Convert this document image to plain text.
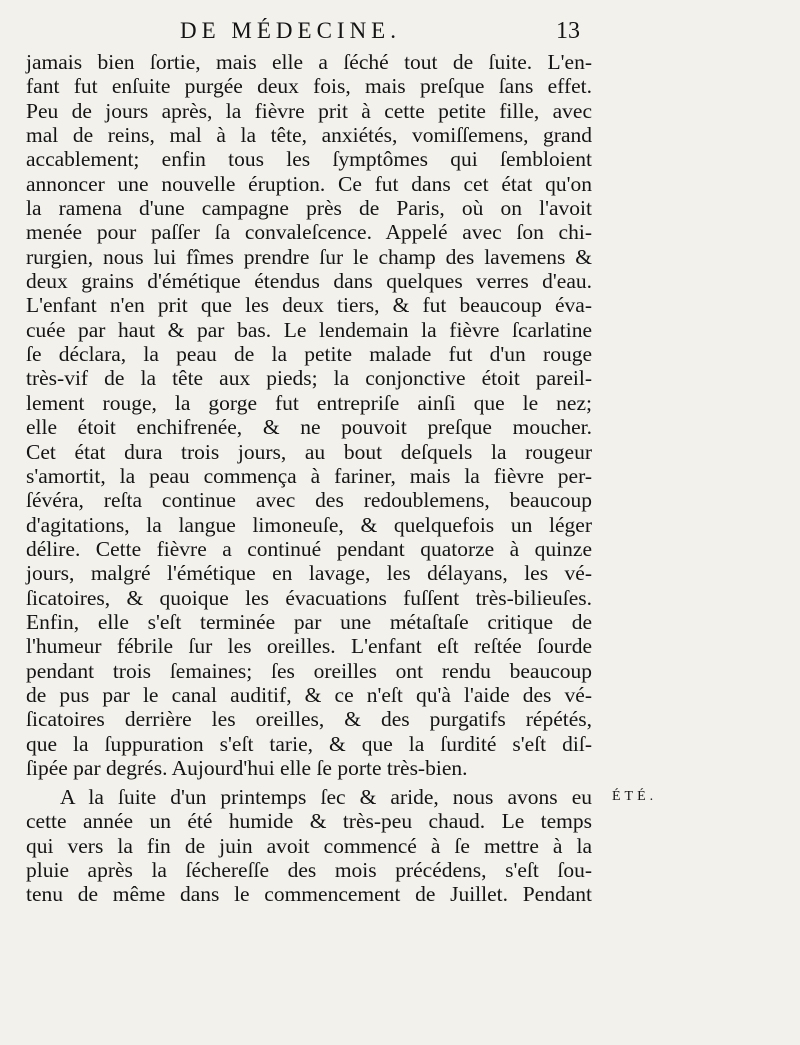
DE MÉDECINE.	13
jamais bien ſortie, mais elle a ſéché tout de ſuite. L'en-
fant fut enſuite purgée deux fois, mais preſque ſans effet.
Peu de jours après, la fièvre prit à cette petite fille, avec
mal de reins, mal à la tête, anxiétés, vomiſſemens, grand
accablement; enfin tous les ſymptômes qui ſembloient
annoncer une nouvelle éruption. Ce fut dans cet état qu'on
la ramena d'une campagne près de Paris, où on l'avoit
menée pour paſſer ſa convaleſcence. Appelé avec ſon chi-
rurgien, nous lui fîmes prendre ſur le champ des lavemens &
deux grains d'émétique étendus dans quelques verres d'eau.
L'enfant n'en prit que les deux tiers, & fut beaucoup éva-
cuée par haut & par bas. Le lendemain la fièvre ſcarlatine
ſe déclara, la peau de la petite malade fut d'un rouge
très-vif de la tête aux pieds; la conjonctive étoit pareil-
lement rouge, la gorge fut entrepriſe ainſi que le nez;
elle étoit enchifrenée, & ne pouvoit preſque moucher.
Cet état dura trois jours, au bout deſquels la rougeur
s'amortit, la peau commença à fariner, mais la fièvre per-
ſévéra, reſta continue avec des redoublemens, beaucoup
d'agitations, la langue limoneuſe, & quelquefois un léger
délire. Cette fièvre a continué pendant quatorze à quinze
jours, malgré l'émétique en lavage, les délayans, les vé-
ſicatoires, & quoique les évacuations fuſſent très-bilieuſes.
Enfin, elle s'eſt terminée par une métaſtaſe critique de
l'humeur fébrile ſur les oreilles. L'enfant eſt reſtée ſourde
pendant trois ſemaines; ſes oreilles ont rendu beaucoup
de pus par le canal auditif, & ce n'eſt qu'à l'aide des vé-
ſicatoires derrière les oreilles, & des purgatifs répétés,
que la ſuppuration s'eſt tarie, & que la ſurdité s'eſt diſ-
ſipée par degrés. Aujourd'hui elle ſe porte très-bien.
A la ſuite d'un printemps ſec & aride, nous avons eu
cette année un été humide & très-peu chaud. Le temps
qui vers la fin de juin avoit commencé à ſe mettre à la
pluie après la ſéchereſſe des mois précédens, s'eſt ſou-
tenu de même dans le commencement de Juillet. Pendant
ÉTÉ.
